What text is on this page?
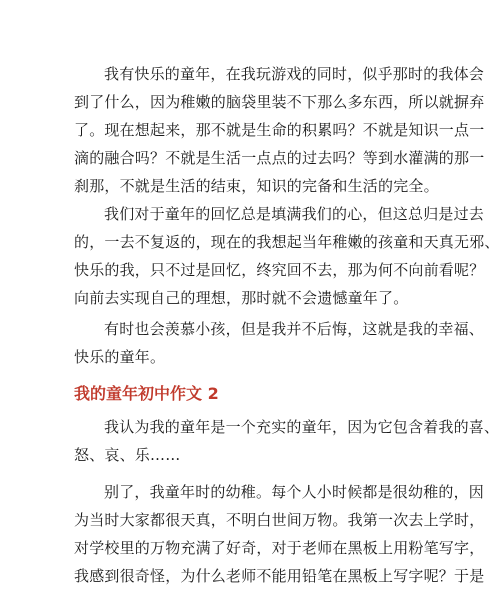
我有快乐的童年，在我玩游戏的同时，似乎那时的我体会
到了什么，因为稚嫩的脑袋里装不下那么多东西，所以就摒弃
了。现在想起来，那不就是生命的积累吗？不就是知识一点一
滴的融合吗？不就是生活一点点的过去吗？等到水灌满的那一
刹那，不就是生活的结束，知识的完备和生活的完全。
我们对于童年的回忆总是填满我们的心，但这总归是过去
的，一去不复返的，现在的我想起当年稚嫩的孩童和天真无邪、
快乐的我，只不过是回忆，终究回不去，那为何不向前看呢？
向前去实现自己的理想，那时就不会遗憾童年了。
有时也会羡慕小孩，但是我并不后悔，这就是我的幸福、
快乐的童年。
我的童年初中作文 2
我认为我的童年是一个充实的童年，因为它包含着我的喜、
怒、哀、乐……
别了，我童年时的幼稚。每个人小时候都是很幼稚的，因
为当时大家都很天真，不明白世间万物。我第一次去上学时，
对学校里的万物充满了好奇，对于老师在黑板上用粉笔写字，
我感到很奇怪，为什么老师不能用铅笔在黑板上写字呢？于是
